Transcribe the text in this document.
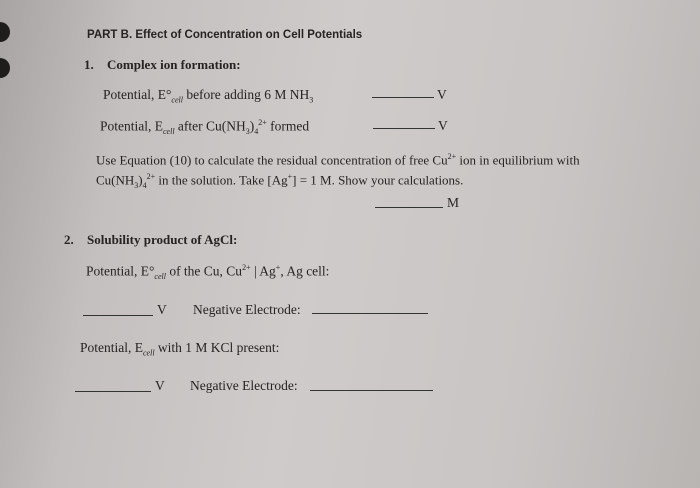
PART B. Effect of Concentration on Cell Potentials
1. Complex ion formation:
Potential, $E^\circ_{cell}$ before adding 6 M $NH_3$	V
Potential, $E_{cell}$ after $Cu(NH_3)_4^{2+}$ formed	V
Use Equation (10) to calculate the residual concentration of free $Cu^{2+}$ ion in equilibrium with
$Cu(NH_3)_4^{2+}$ in the solution. Take [Ag+] = 1 M. Show your calculations.
M
2. Solubility product of AgCl:
Potential, $E^\circ_{cell}$ of the Cu, $Cu^{2+}$ | Ag+, Ag cell:
V Negative Electrode:
Potential, $E_{cell}$ with 1 M KCl present:
V Negative Electrode:
